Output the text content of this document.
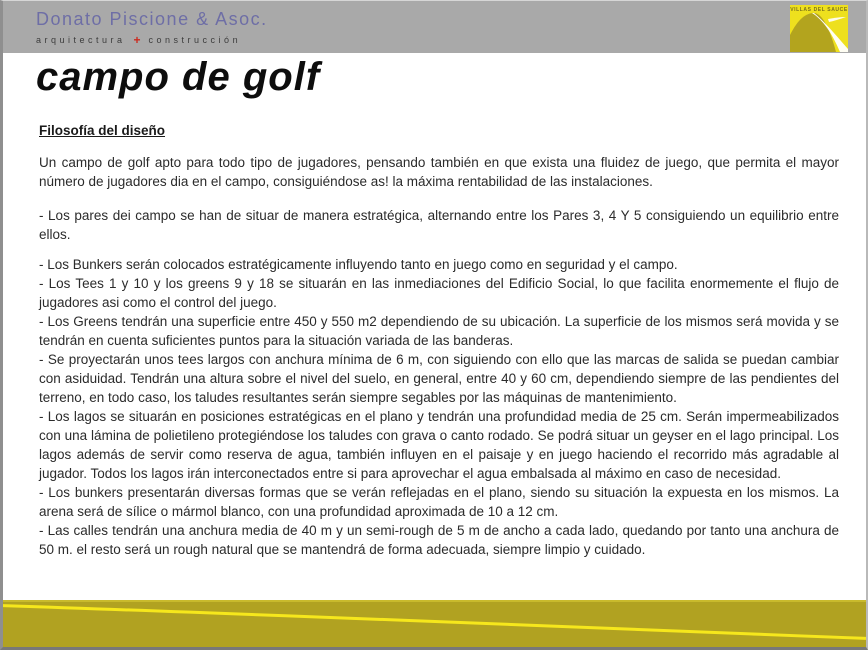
Donato Piscione & Asoc.
arquitectura + construcción
VILLAS DEL SAUCE
campo de golf
Filosofía del diseño

Un campo de golf apto para todo tipo de jugadores, pensando también en que exista una fluidez de juego, que permita el mayor número de jugadores dia en el campo, consiguiéndose as! la máxima rentabilidad de las instalaciones.

- Los pares dei campo se han de situar de manera estratégica, alternando entre los Pares 3, 4 Y 5 consiguiendo un equilibrio entre ellos.

- Los Bunkers serán colocados estratégicamente influyendo tanto en juego como en seguridad y el campo.

- Los Tees 1 y 10 y los greens 9 y 18 se situarán en las inmediaciones del Edificio Social, lo que facilita enormemente el flujo de jugadores asi como el control del juego.

- Los Greens tendrán una superficie entre 450 y 550 m2 dependiendo de su ubicación. La superficie de los mismos será movida y se tendrán en cuenta suficientes puntos para la situación variada de las banderas.

- Se proyectarán unos tees largos con anchura mínima de 6 m, con siguiendo con ello que las marcas de salida se puedan cambiar con asiduidad. Tendrán una altura sobre el nivel del suelo, en general, entre 40 y 60 cm, dependiendo siempre de las pendientes del terreno, en todo caso, los taludes resultantes serán siempre segables por las máquinas de mantenimiento.

- Los lagos se situarán en posiciones estratégicas en el plano y tendrán una profundidad media de 25 cm. Serán impermeabilizados con una lámina de polietileno protegiéndose los taludes con grava o canto rodado. Se podrá situar un geyser en el lago principal. Los lagos además de servir como reserva de agua, también influyen en el paisaje y en juego haciendo el recorrido más agradable al jugador. Todos los lagos irán interconectados entre si para aprovechar el agua embalsada al máximo en caso de necesidad.

- Los bunkers presentarán diversas formas que se verán reflejadas en el plano, siendo su situación la expuesta en los mismos. La arena será de sílice o mármol blanco, con una profundidad aproximada de 10 a 12 cm.

- Las calles tendrán una anchura media de 40 m y un semi-rough de 5 m de ancho a cada lado, quedando por tanto una anchura de 50 m. el resto será un rough natural que se mantendrá de forma adecuada, siempre limpio y cuidado.
